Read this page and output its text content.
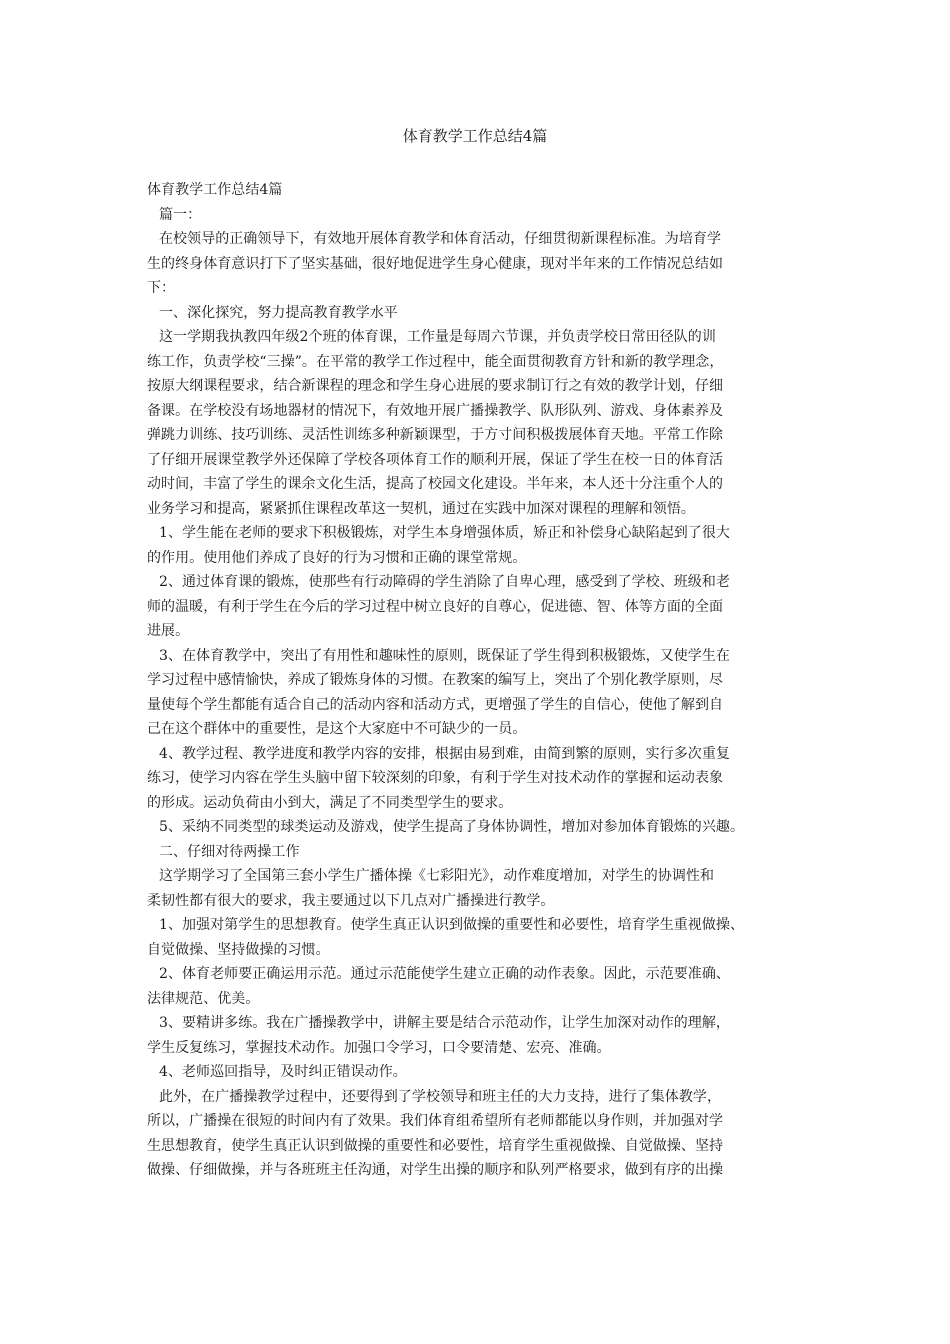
体育教学工作总结4篇

体育教学工作总结4篇

篇一：

在校领导的正确领导下，有效地开展体育教学和体育活动，仔细贯彻新课程标准。为培育学

生的终身体育意识打下了坚实基础，很好地促进学生身心健康，现对半年来的工作情况总结如

下：

一、深化探究，努力提高教育教学水平

这一学期我执教四年级2个班的体育课，工作量是每周六节课，并负责学校日常田径队的训

练工作，负责学校“三操”。在平常的教学工作过程中，能全面贯彻教育方针和新的教学理念，

按原大纲课程要求，结合新课程的理念和学生身心进展的要求制订行之有效的教学计划，仔细

备课。在学校没有场地器材的情况下，有效地开展广播操教学、队形队列、游戏、身体素养及

弹跳力训练、技巧训练、灵活性训练多种新颖课型，于方寸间积极拨展体育天地。平常工作除

了仔细开展课堂教学外还保障了学校各项体育工作的顺利开展，保证了学生在校一日的体育活

动时间，丰富了学生的课余文化生活，提高了校园文化建设。半年来，本人还十分注重个人的

业务学习和提高，紧紧抓住课程改革这一契机，通过在实践中加深对课程的理解和领悟。

1、学生能在老师的要求下积极锻炼，对学生本身增强体质，矫正和补偿身心缺陷起到了很大

的作用。使用他们养成了良好的行为习惯和正确的课堂常规。

2、通过体育课的锻炼，使那些有行动障碍的学生消除了自卑心理，感受到了学校、班级和老

师的温暖，有利于学生在今后的学习过程中树立良好的自尊心，促进德、智、体等方面的全面

进展。

3、在体育教学中，突出了有用性和趣味性的原则，既保证了学生得到积极锻炼，又使学生在

学习过程中感情愉快，养成了锻炼身体的习惯。在教案的编写上，突出了个别化教学原则，尽

量使每个学生都能有适合自己的活动内容和活动方式，更增强了学生的自信心，使他了解到自

己在这个群体中的重要性，是这个大家庭中不可缺少的一员。

4、教学过程、教学进度和教学内容的安排，根据由易到难，由简到繁的原则，实行多次重复

练习，使学习内容在学生头脑中留下较深刻的印象，有利于学生对技术动作的掌握和运动表象

的形成。运动负荷由小到大，满足了不同类型学生的要求。

5、采纳不同类型的球类运动及游戏，使学生提高了身体协调性，增加对参加体育锻炼的兴趣。

二、仔细对待两操工作

这学期学习了全国第三套小学生广播体操《七彩阳光》，动作难度增加，对学生的协调性和

柔韧性都有很大的要求，我主要通过以下几点对广播操进行教学。

1、加强对第学生的思想教育。使学生真正认识到做操的重要性和必要性，培育学生重视做操、

自觉做操、坚持做操的习惯。

2、体育老师要正确运用示范。通过示范能使学生建立正确的动作表象。因此，示范要准确、

法律规范、优美。

3、要精讲多练。我在广播操教学中，讲解主要是结合示范动作，让学生加深对动作的理解，

学生反复练习，掌握技术动作。加强口令学习，口令要清楚、宏亮、准确。

4、老师巡回指导，及时纠正错误动作。

此外，在广播操教学过程中，还要得到了学校领导和班主任的大力支持，进行了集体教学，

所以，广播操在很短的时间内有了效果。我们体育组希望所有老师都能以身作则，并加强对学

生思想教育，使学生真正认识到做操的重要性和必要性，培育学生重视做操、自觉做操、坚持

做操、仔细做操，并与各班班主任沟通，对学生出操的顺序和队列严格要求，做到有序的出操
